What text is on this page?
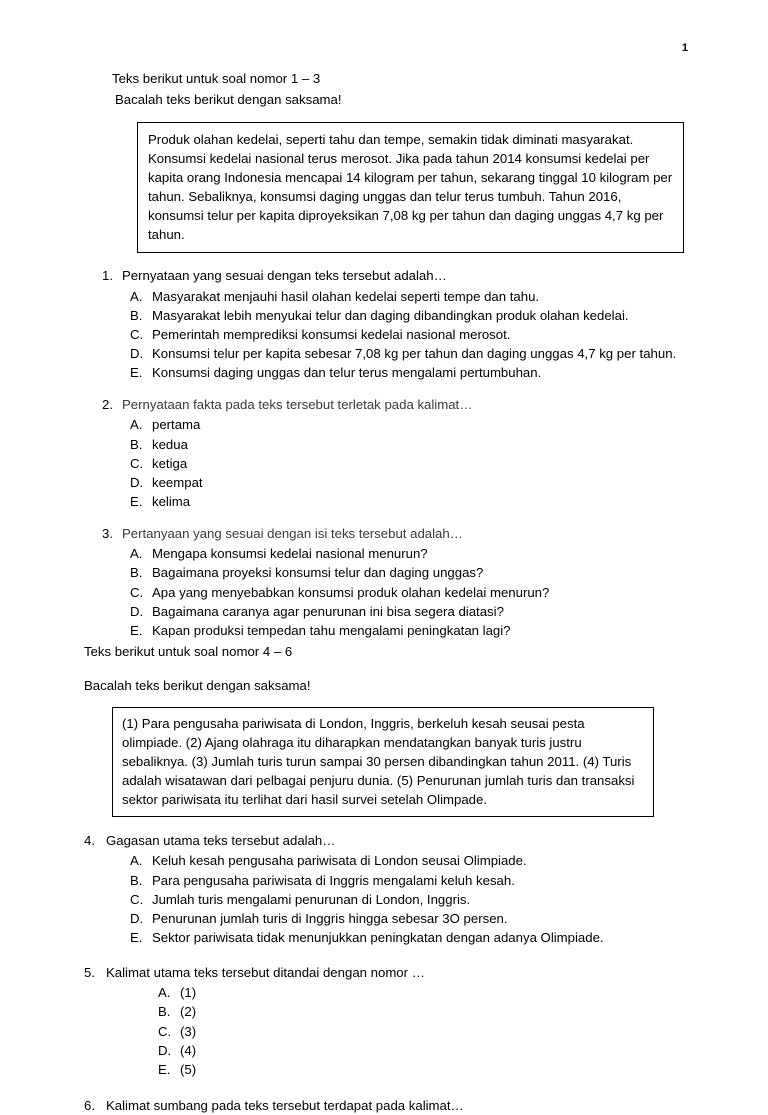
1
Teks berikut untuk soal nomor 1 – 3
Bacalah teks berikut dengan saksama!
Produk olahan kedelai, seperti tahu dan tempe, semakin tidak diminati masyarakat. Konsumsi kedelai nasional terus merosot. Jika pada tahun 2014 konsumsi kedelai per kapita orang Indonesia mencapai 14 kilogram per tahun, sekarang tinggal 10 kilogram per tahun. Sebaliknya, konsumsi daging unggas dan telur terus tumbuh. Tahun 2016, konsumsi telur per kapita diproyeksikan 7,08 kg per tahun dan daging unggas 4,7 kg per tahun.
1. Pernyataan yang sesuai dengan teks tersebut adalah…
A. Masyarakat menjauhi hasil olahan kedelai seperti tempe dan tahu.
B. Masyarakat lebih menyukai telur dan daging dibandingkan produk olahan kedelai.
C. Pemerintah memprediksi konsumsi kedelai nasional merosot.
D. Konsumsi telur per kapita sebesar 7,08 kg per tahun dan daging unggas 4,7 kg per tahun.
E. Konsumsi daging unggas dan telur terus mengalami pertumbuhan.
2. Pernyataan fakta pada teks tersebut terletak pada kalimat…
A. pertama
B. kedua
C. ketiga
D. keempat
E. kelima
3. Pertanyaan yang sesuai dengan isi teks tersebut adalah…
A. Mengapa konsumsi kedelai nasional menurun?
B. Bagaimana proyeksi konsumsi telur dan daging unggas?
C. Apa yang menyebabkan konsumsi produk olahan kedelai menurun?
D. Bagaimana caranya agar penurunan ini bisa segera diatasi?
E. Kapan produksi tempedan tahu mengalami peningkatan lagi?
Teks berikut untuk soal nomor 4 – 6
Bacalah teks berikut dengan saksama!
(1) Para pengusaha pariwisata di London, Inggris, berkeluh kesah seusai pesta olimpiade. (2) Ajang olahraga itu diharapkan mendatangkan banyak turis justru sebaliknya. (3) Jumlah turis turun sampai 30 persen dibandingkan tahun 2011. (4) Turis adalah wisatawan dari pelbagai penjuru dunia. (5) Penurunan jumlah turis dan transaksi sektor pariwisata itu terlihat dari hasil survei setelah Olimpade.
4. Gagasan utama teks tersebut adalah…
A. Keluh kesah pengusaha pariwisata di London seusai Olimpiade.
B. Para pengusaha pariwisata di Inggris mengalami keluh kesah.
C. Jumlah turis mengalami penurunan di London, Inggris.
D. Penurunan jumlah turis di Inggris hingga sebesar 3O persen.
E. Sektor pariwisata tidak menunjukkan peningkatan dengan adanya Olimpiade.
5. Kalimat utama teks tersebut ditandai dengan nomor …
A. (1)
B. (2)
C. (3)
D. (4)
E. (5)
6. Kalimat sumbang pada teks tersebut terdapat pada kalimat…
